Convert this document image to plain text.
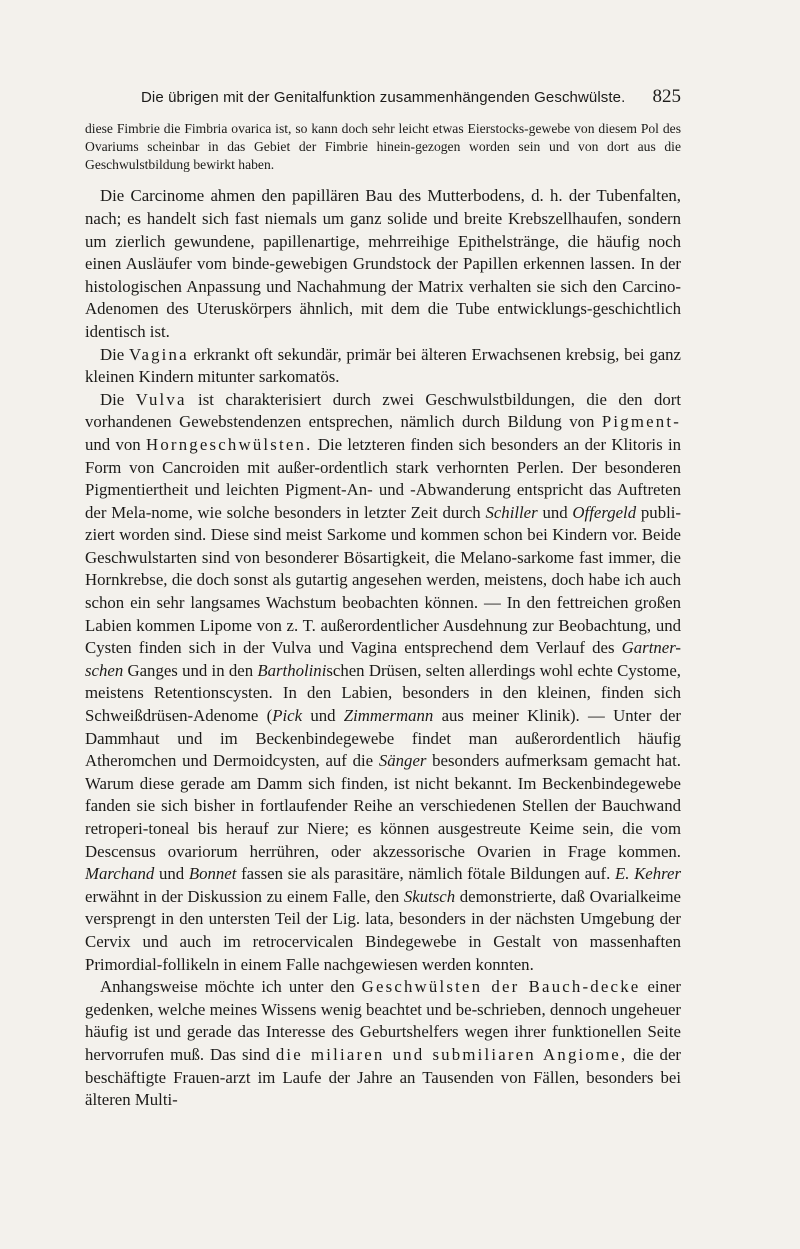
Die übrigen mit der Genitalfunktion zusammenhängenden Geschwülste. 825

diese Fimbrie die Fimbria ovarica ist, so kann doch sehr leicht etwas Eierstocks-gewebe von diesem Pol des Ovariums scheinbar in das Gebiet der Fimbrie hinein-gezogen worden sein und von dort aus die Geschwulstbildung bewirkt haben.

Die Carcinome ahmen den papillären Bau des Mutterbodens, d. h. der Tubenfalten, nach; es handelt sich fast niemals um ganz solide und breite Krebszellhaufen, sondern um zierlich gewundene, papillenartige, mehrreihige Epithelstränge, die häufig noch einen Ausläufer vom binde-gewebigen Grundstock der Papillen erkennen lassen. In der histologischen Anpassung und Nachahmung der Matrix verhalten sie sich den Carcino-Adenomen des Uteruskörpers ähnlich, mit dem die Tube entwicklungs-geschichtlich identisch ist.

Die Vagina erkrankt oft sekundär, primär bei älteren Erwachsenen krebsig, bei ganz kleinen Kindern mitunter sarkomatös.

Die Vulva ist charakterisiert durch zwei Geschwulstbildungen, die den dort vorhandenen Gewebstendenzen entsprechen, nämlich durch Bildung von Pigment- und von Horngeschwülsten. Die letzteren finden sich besonders an der Klitoris in Form von Cancroiden mit außer-ordentlich stark verhornten Perlen. Der besonderen Pigmentiertheit und leichten Pigment-An- und -Abwanderung entspricht das Auftreten der Mela-nome, wie solche besonders in letzter Zeit durch Schiller und Offergeld publi-ziert worden sind. Diese sind meist Sarkome und kommen schon bei Kindern vor. Beide Geschwulstarten sind von besonderer Bösartigkeit, die Melano-sarkome fast immer, die Hornkrebse, die doch sonst als gutartig angesehen werden, meistens, doch habe ich auch schon ein sehr langsames Wachstum beobachten können. — In den fettreichen großen Labien kommen Lipome von z. T. außerordentlicher Ausdehnung zur Beobachtung, und Cysten finden sich in der Vulva und Vagina entsprechend dem Verlauf des Gartner-schen Ganges und in den Bartholinischen Drüsen, selten allerdings wohl echte Cystome, meistens Retentionscysten. In den Labien, besonders in den kleinen, finden sich Schweißdrüsen-Adenome (Pick und Zimmermann aus meiner Klinik). — Unter der Dammhaut und im Beckenbindegewebe findet man außerordentlich häufig Atheromchen und Dermoidcysten, auf die Sänger besonders aufmerksam gemacht hat. Warum diese gerade am Damm sich finden, ist nicht bekannt. Im Beckenbindegewebe fanden sie sich bisher in fortlaufender Reihe an verschiedenen Stellen der Bauchwand retroperi-toneal bis herauf zur Niere; es können ausgestreute Keime sein, die vom Descensus ovariorum herrühren, oder akzessorische Ovarien in Frage kommen. Marchand und Bonnet fassen sie als parasitäre, nämlich fötale Bildungen auf. E. Kehrer erwähnt in der Diskussion zu einem Falle, den Skutsch demonstrierte, daß Ovarialkeime versprengt in den untersten Teil der Lig. lata, besonders in der nächsten Umgebung der Cervix und auch im retrocervicalen Bindegewebe in Gestalt von massenhaften Primordial-follikeln in einem Falle nachgewiesen werden konnten.

Anhangsweise möchte ich unter den Geschwülsten der Bauch-decke einer gedenken, welche meines Wissens wenig beachtet und be-schrieben, dennoch ungeheuer häufig ist und gerade das Interesse des Geburtshelfers wegen ihrer funktionellen Seite hervorrufen muß. Das sind die miliaren und submiliaren Angiome, die der beschäftigte Frauen-arzt im Laufe der Jahre an Tausenden von Fällen, besonders bei älteren Multi-
